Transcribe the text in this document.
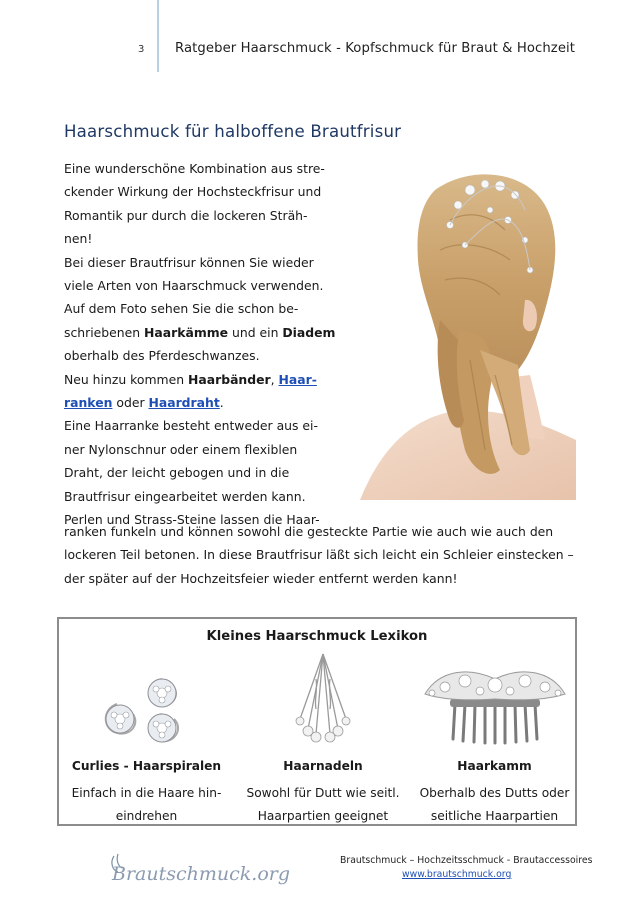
3 Ratgeber Haarschmuck - Kopfschmuck für Braut & Hochzeit
Haarschmuck für halboffene Brautfrisur
Eine wunderschöne Kombination aus stre-
ckender Wirkung der Hochsteckfrisur und
Romantik pur durch die lockeren Sträh-
nen!
Bei dieser Brautfrisur können Sie wieder
viele Arten von Haarschmuck verwenden.
Auf dem Foto sehen Sie die schon be-
schriebenen Haarkämme und ein Diadem
oberhalb des Pferdeschwanzes.
Neu hinzu kommen Haarbänder, Haar-
ranken oder Haardraht.
Eine Haarranke besteht entweder aus ei-
ner Nylonschnur oder einem flexiblen
Draht, der leicht gebogen und in die
Brautfrisur eingearbeitet werden kann.
Perlen und Strass-Steine lassen die Haar-
ranken funkeln und können sowohl die gesteckte Partie wie auch wie auch den
lockeren Teil betonen. In diese Brautfrisur läßt sich leicht ein Schleier einstecken –
der später auf der Hochzeitsfeier wieder entfernt werden kann!
Kleines Haarschmuck Lexikon
Curlies - Haarspiralen
Einfach in die Haare hin-
eindrehen
Haarnadeln
Sowohl für Dutt wie seitl.
Haarpartien geeignet
Haarkamm
Oberhalb des Dutts oder
seitliche Haarpartien
Brautschmuck.org
Brautschmuck – Hochzeitsschmuck - Brautaccessoires
www.brautschmuck.org
